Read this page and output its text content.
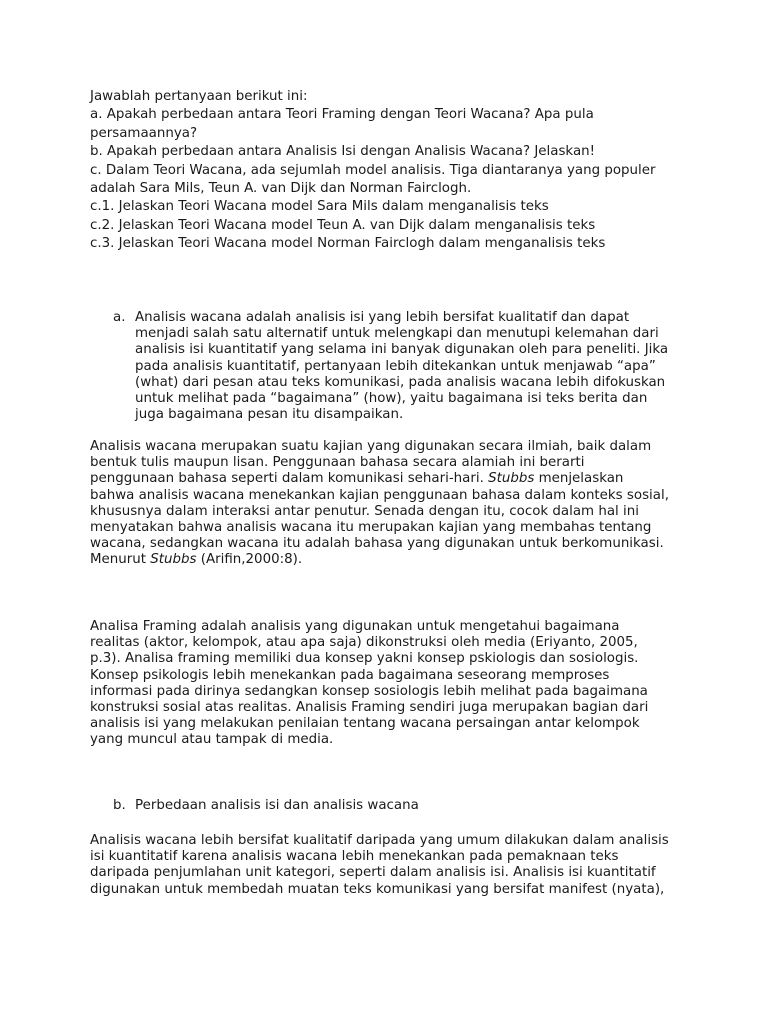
Jawablah pertanyaan berikut ini:
a. Apakah perbedaan antara Teori Framing dengan Teori Wacana? Apa pula
persamaannya?
b. Apakah perbedaan antara Analisis Isi dengan Analisis Wacana? Jelaskan!
c. Dalam Teori Wacana, ada sejumlah model analisis. Tiga diantaranya yang populer
adalah Sara Mils, Teun A. van Dijk dan Norman Fairclogh.
c.1. Jelaskan Teori Wacana model Sara Mils dalam menganalisis teks
c.2. Jelaskan Teori Wacana model Teun A. van Dijk dalam menganalisis teks
c.3. Jelaskan Teori Wacana model Norman Fairclogh dalam menganalisis teks
a. Analisis wacana adalah analisis isi yang lebih bersifat kualitatif dan dapat
menjadi salah satu alternatif untuk melengkapi dan menutupi kelemahan dari
analisis isi kuantitatif yang selama ini banyak digunakan oleh para peneliti. Jika
pada analisis kuantitatif, pertanyaan lebih ditekankan untuk menjawab “apa”
(what) dari pesan atau teks komunikasi, pada analisis wacana lebih difokuskan
untuk melihat pada “bagaimana” (how), yaitu bagaimana isi teks berita dan
juga bagaimana pesan itu disampaikan.
Analisis wacana merupakan suatu kajian yang digunakan secara ilmiah, baik dalam
bentuk tulis maupun lisan. Penggunaan bahasa secara alamiah ini berarti
penggunaan bahasa seperti dalam komunikasi sehari-hari. Stubbs menjelaskan
bahwa analisis wacana menekankan kajian penggunaan bahasa dalam konteks sosial,
khususnya dalam interaksi antar penutur. Senada dengan itu, cocok dalam hal ini
menyatakan bahwa analisis wacana itu merupakan kajian yang membahas tentang
wacana, sedangkan wacana itu adalah bahasa yang digunakan untuk berkomunikasi.
Menurut Stubbs (Arifin,2000:8).
Analisa Framing adalah analisis yang digunakan untuk mengetahui bagaimana
realitas (aktor, kelompok, atau apa saja) dikonstruksi oleh media (Eriyanto, 2005,
p.3). Analisa framing memiliki dua konsep yakni konsep pskiologis dan sosiologis.
Konsep psikologis lebih menekankan pada bagaimana seseorang memproses
informasi pada dirinya sedangkan konsep sosiologis lebih melihat pada bagaimana
konstruksi sosial atas realitas. Analisis Framing sendiri juga merupakan bagian dari
analisis isi yang melakukan penilaian tentang wacana persaingan antar kelompok
yang muncul atau tampak di media.
b. Perbedaan analisis isi dan analisis wacana
Analisis wacana lebih bersifat kualitatif daripada yang umum dilakukan dalam analisis
isi kuantitatif karena analisis wacana lebih menekankan pada pemaknaan teks
daripada penjumlahan unit kategori, seperti dalam analisis isi. Analisis isi kuantitatif
digunakan untuk membedah muatan teks komunikasi yang bersifat manifest (nyata),
